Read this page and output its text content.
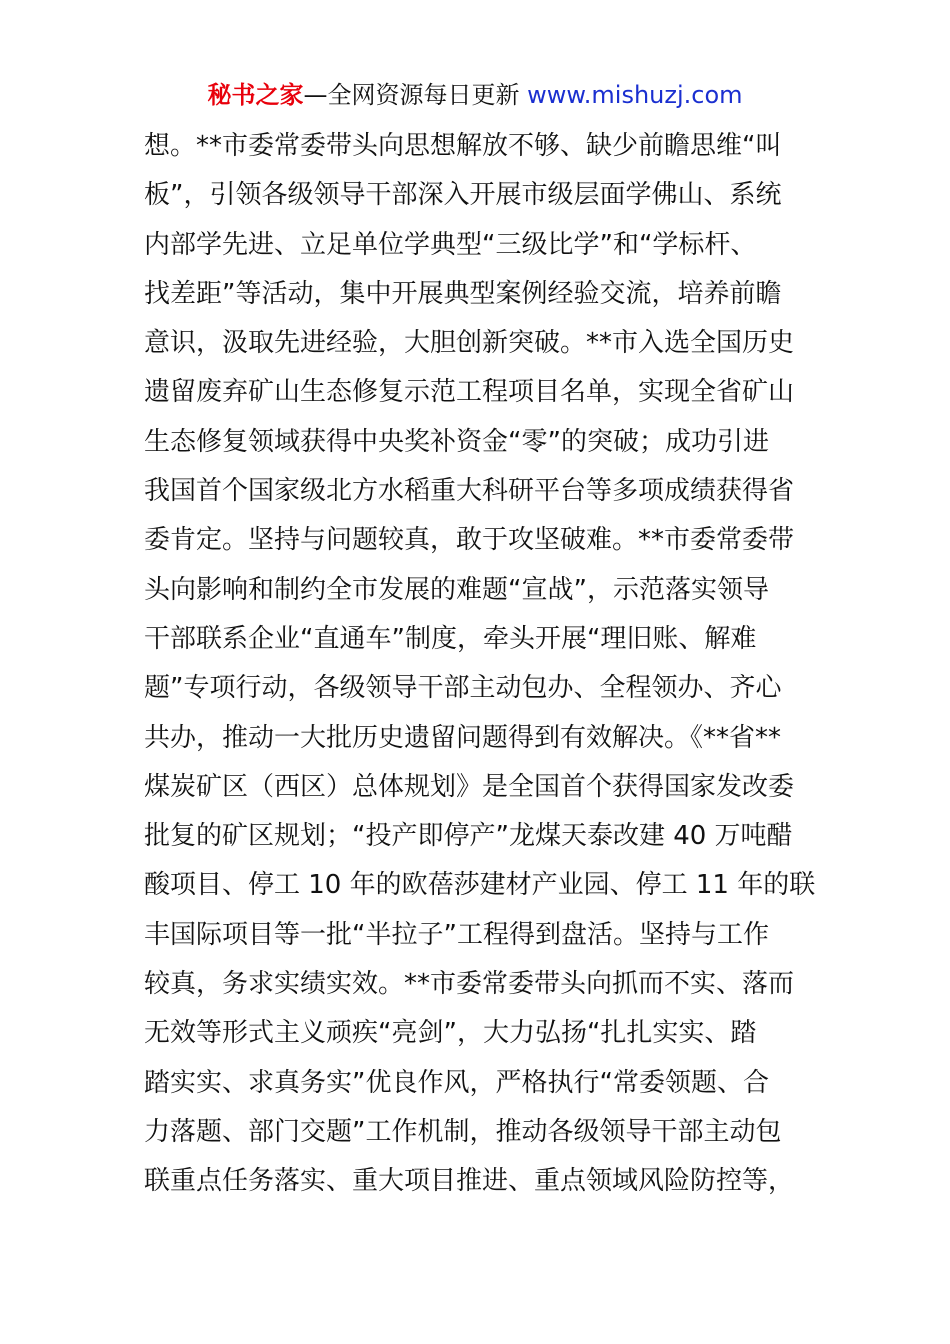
秘书之家—全网资源每日更新 www.mishuzj.com
想。**市委常委带头向思想解放不够、缺少前瞻思维“叫
板”，引领各级领导干部深入开展市级层面学佛山、系统
内部学先进、立足单位学典型“三级比学”和“学标杆、
找差距”等活动，集中开展典型案例经验交流，培养前瞻
意识，汲取先进经验，大胆创新突破。**市入选全国历史
遗留废弃矿山生态修复示范工程项目名单，实现全省矿山
生态修复领域获得中央奖补资金“零”的突破；成功引进
我国首个国家级北方水稻重大科研平台等多项成绩获得省
委肯定。坚持与问题较真，敢于攻坚破难。**市委常委带
头向影响和制约全市发展的难题“宣战”，示范落实领导
干部联系企业“直通车”制度，牵头开展“理旧账、解难
题”专项行动，各级领导干部主动包办、全程领办、齐心
共办，推动一大批历史遗留问题得到有效解决。《**省**
煤炭矿区（西区）总体规划》是全国首个获得国家发改委
批复的矿区规划；“投产即停产”龙煤天泰改建 40 万吨醋
酸项目、停工 10 年的欧蓓莎建材产业园、停工 11 年的联
丰国际项目等一批“半拉子”工程得到盘活。坚持与工作
较真，务求实绩实效。**市委常委带头向抓而不实、落而
无效等形式主义顽疾“亮剑”，大力弘扬“扎扎实实、踏
踏实实、求真务实”优良作风，严格执行“常委领题、合
力落题、部门交题”工作机制，推动各级领导干部主动包
联重点任务落实、重大项目推进、重点领域风险防控等，
